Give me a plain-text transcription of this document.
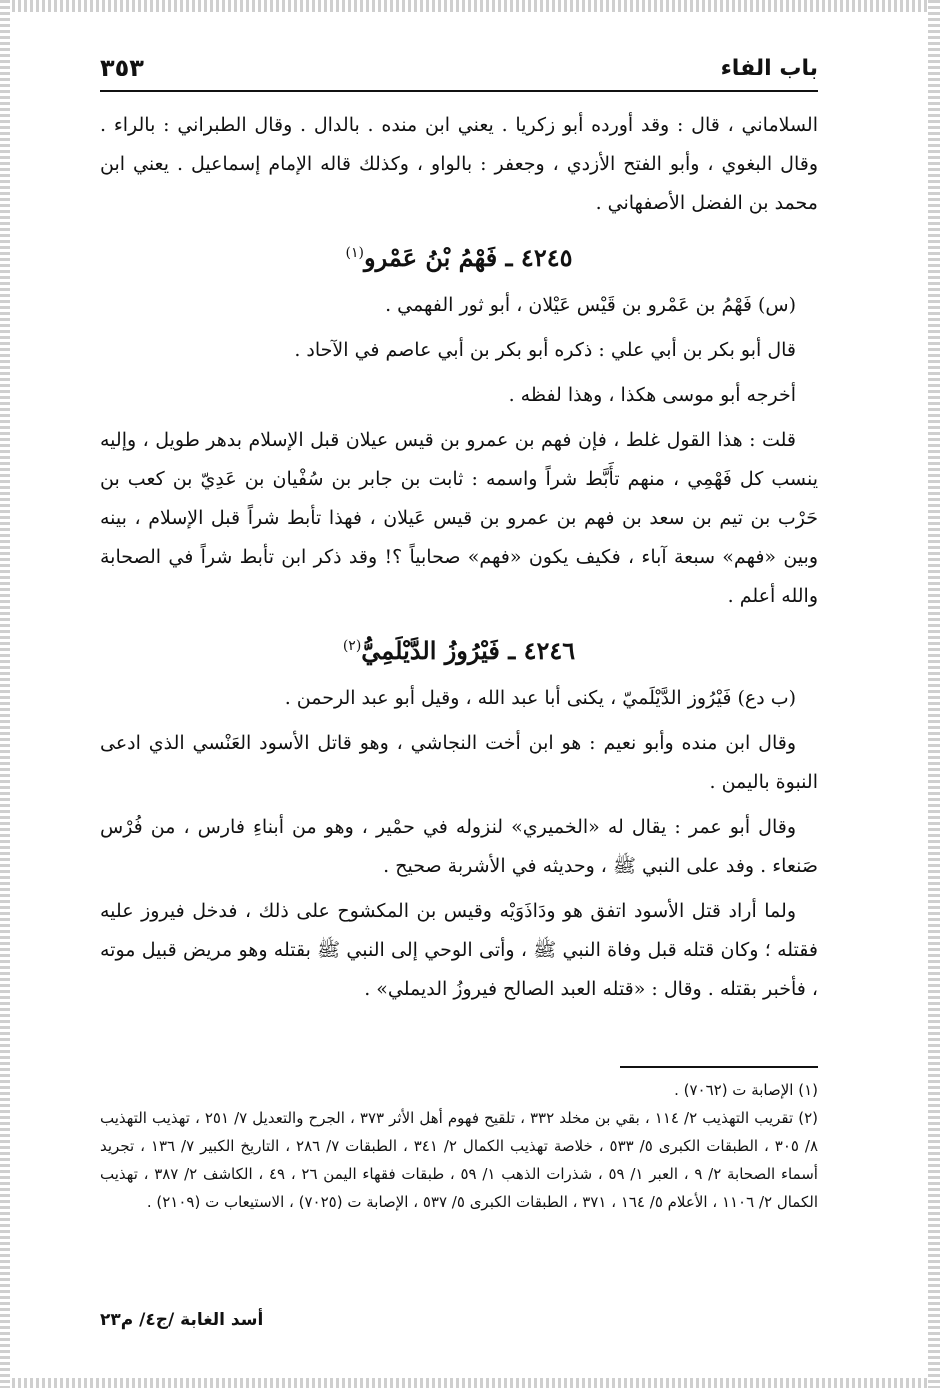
باب الفاء
٣٥٣

السلاماني ، قال : وقد أورده أبو زكريا . يعني ابن منده . بالدال . وقال الطبراني : بالراء . وقال البغوي ، وأبو الفتح الأزدي ، وجعفر : بالواو ، وكذلك قاله الإمام إسماعيل . يعني ابن محمد بن الفضل الأصفهاني .

٤٢٤٥ ـ فَهْمُ بْنُ عَمْرو$^{(١)}$

(س) فَهْمُ بن عَمْرو بن قَيْس عَيْلان ، أبو ثور الفهمي .

قال أبو بكر بن أبي علي : ذكره أبو بكر بن أبي عاصم في الآحاد .

أخرجه أبو موسى هكذا ، وهذا لفظه .

قلت : هذا القول غلط ، فإن فهم بن عمرو بن قيس عيلان قبل الإسلام بدهر طويل ، وإليه ينسب كل فَهْمِي ، منهم تأَبَّط شراً واسمه : ثابت بن جابر بن سُفْيان بن عَدِيّ بن كعب بن حَرْب بن تيم بن سعد بن فهم بن عمرو بن قيس عَيلان ، فهذا تأبط شراً قبل الإسلام ، بينه وبين «فهم» سبعة آباء ، فكيف يكون «فهم» صحابياً ؟! وقد ذكر ابن تأبط شراً في الصحابة والله أعلم .

٤٢٤٦ ـ فَيْرُوزُ الدَّيْلَمِيُّ$^{(٢)}$

(ب دع) فَيْرُوز الدَّيْلَميّ ، يكنى أبا عبد الله ، وقيل أبو عبد الرحمن .

وقال ابن منده وأبو نعيم : هو ابن أخت النجاشي ، وهو قاتل الأسود العَنْسي الذي ادعى النبوة باليمن .

وقال أبو عمر : يقال له «الخميري» لنزوله في حمْير ، وهو من أبناءِ فارس ، من فُرْس صَنعاء . وفد على النبي ﷺ ، وحديثه في الأشربة صحيح .

ولما أراد قتل الأسود اتفق هو ودَاذَوَيْه وقيس بن المكشوح على ذلك ، فدخل فيروز عليه فقتله ؛ وكان قتله قبل وفاة النبي ﷺ ، وأتى الوحي إلى النبي ﷺ بقتله وهو مريض قبيل موته ، فأخبر بقتله . وقال : «قتله العبد الصالح فيروزُ الديملي» .

(١) الإصابة ت (٧٠٦٢) .

(٢) تقريب التهذيب ٢/ ١١٤ ، بقي بن مخلد ٣٣٢ ، تلقيح فهوم أهل الأثر ٣٧٣ ، الجرح والتعديل ٧/ ٢٥١ ، تهذيب التهذيب ٨/ ٣٠٥ ، الطبقات الكبرى ٥/ ٥٣٣ ، خلاصة تهذيب الكمال ٢/ ٣٤١ ، الطبقات ٧/ ٢٨٦ ، التاريخ الكبير ٧/ ١٣٦ ، تجريد أسماء الصحابة ٢/ ٩ ، العبر ١/ ٥٩ ، شذرات الذهب ١/ ٥٩ ، طبقات فقهاء اليمن ٢٦ ، ٤٩ ، الكاشف ٢/ ٣٨٧ ، تهذيب الكمال ٢/ ١١٠٦ ، الأعلام ٥/ ١٦٤ ، ٣٧١ ، الطبقات الكبرى ٥/ ٥٣٧ ، الإصابة ت (٧٠٢٥) ، الاستيعاب ت (٢١٠٩) .

أسد الغابة /ج٤/ م٢٣
